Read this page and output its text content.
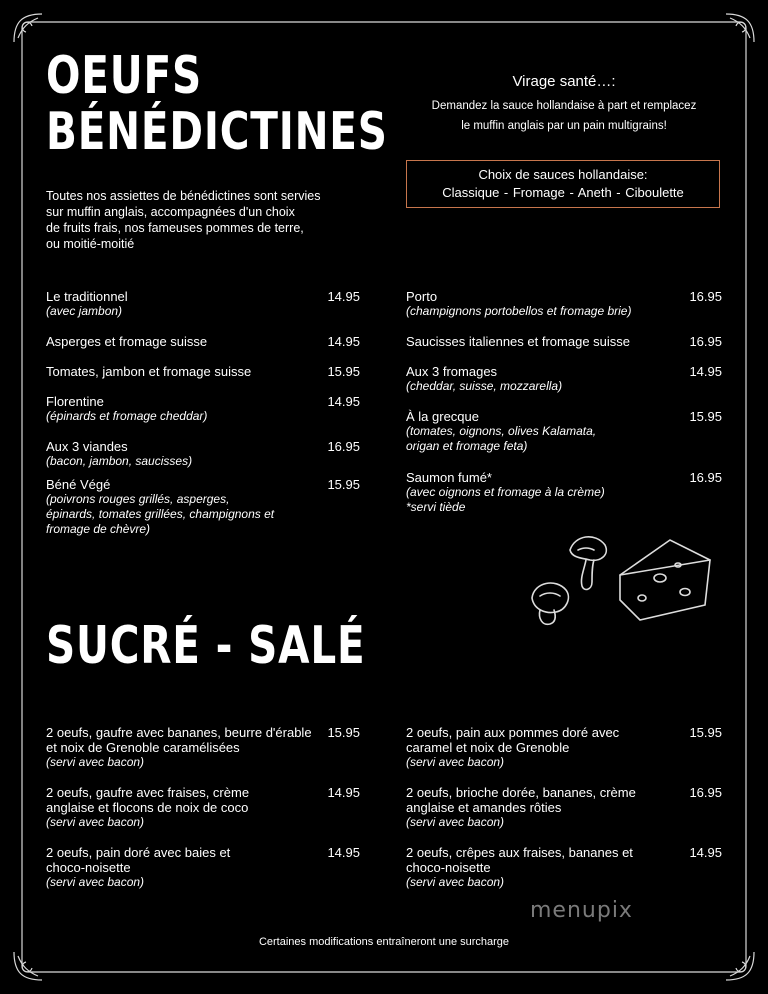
OEUFS
BÉNÉDICTINES
Toutes nos assiettes de bénédictines sont servies
sur muffin anglais, accompagnées d'un choix
de fruits frais, nos fameuses pommes de terre,
ou moitié-moitié
Virage santé…:
Demandez la sauce hollandaise à part et remplacez
le muffin anglais par un pain multigrains!
Choix de sauces hollandaise:
Classique - Fromage - Aneth - Ciboulette
Le traditionnel
(avec jambon)
14.95
Asperges et fromage suisse	14.95
Tomates, jambon et fromage suisse	15.95
Florentine
(épinards et fromage cheddar)
14.95
Aux 3 viandes
(bacon, jambon, saucisses)
16.95
Béné Végé
(poivrons rouges grillés, asperges, épinards, tomates grillées, champignons et fromage de chèvre)
15.95
Porto
(champignons portobellos et fromage brie)
16.95
Saucisses italiennes et fromage suisse	16.95
Aux 3 fromages
(cheddar, suisse, mozzarella)
14.95
À la grecque
(tomates, oignons, olives Kalamata, origan et fromage feta)
15.95
Saumon fumé*
(avec oignons et fromage à la crème) *servi tiède
16.95
SUCRÉ - SALÉ
2 oeufs, gaufre avec bananes, beurre d'érable et noix de Grenoble caramélisées
(servi avec bacon)
15.95
2 oeufs, gaufre avec fraises, crème anglaise et flocons de noix de coco
(servi avec bacon)
14.95
2 oeufs, pain doré avec baies et choco-noisette
(servi avec bacon)
14.95
2 oeufs, pain aux pommes doré avec caramel et noix de Grenoble
(servi avec bacon)
15.95
2 oeufs, brioche dorée, bananes, crème anglaise et amandes rôties
(servi avec bacon)
16.95
2 oeufs, crêpes aux fraises, bananes et choco-noisette
(servi avec bacon)
14.95
menupix
Certaines modifications entraîneront une surcharge
